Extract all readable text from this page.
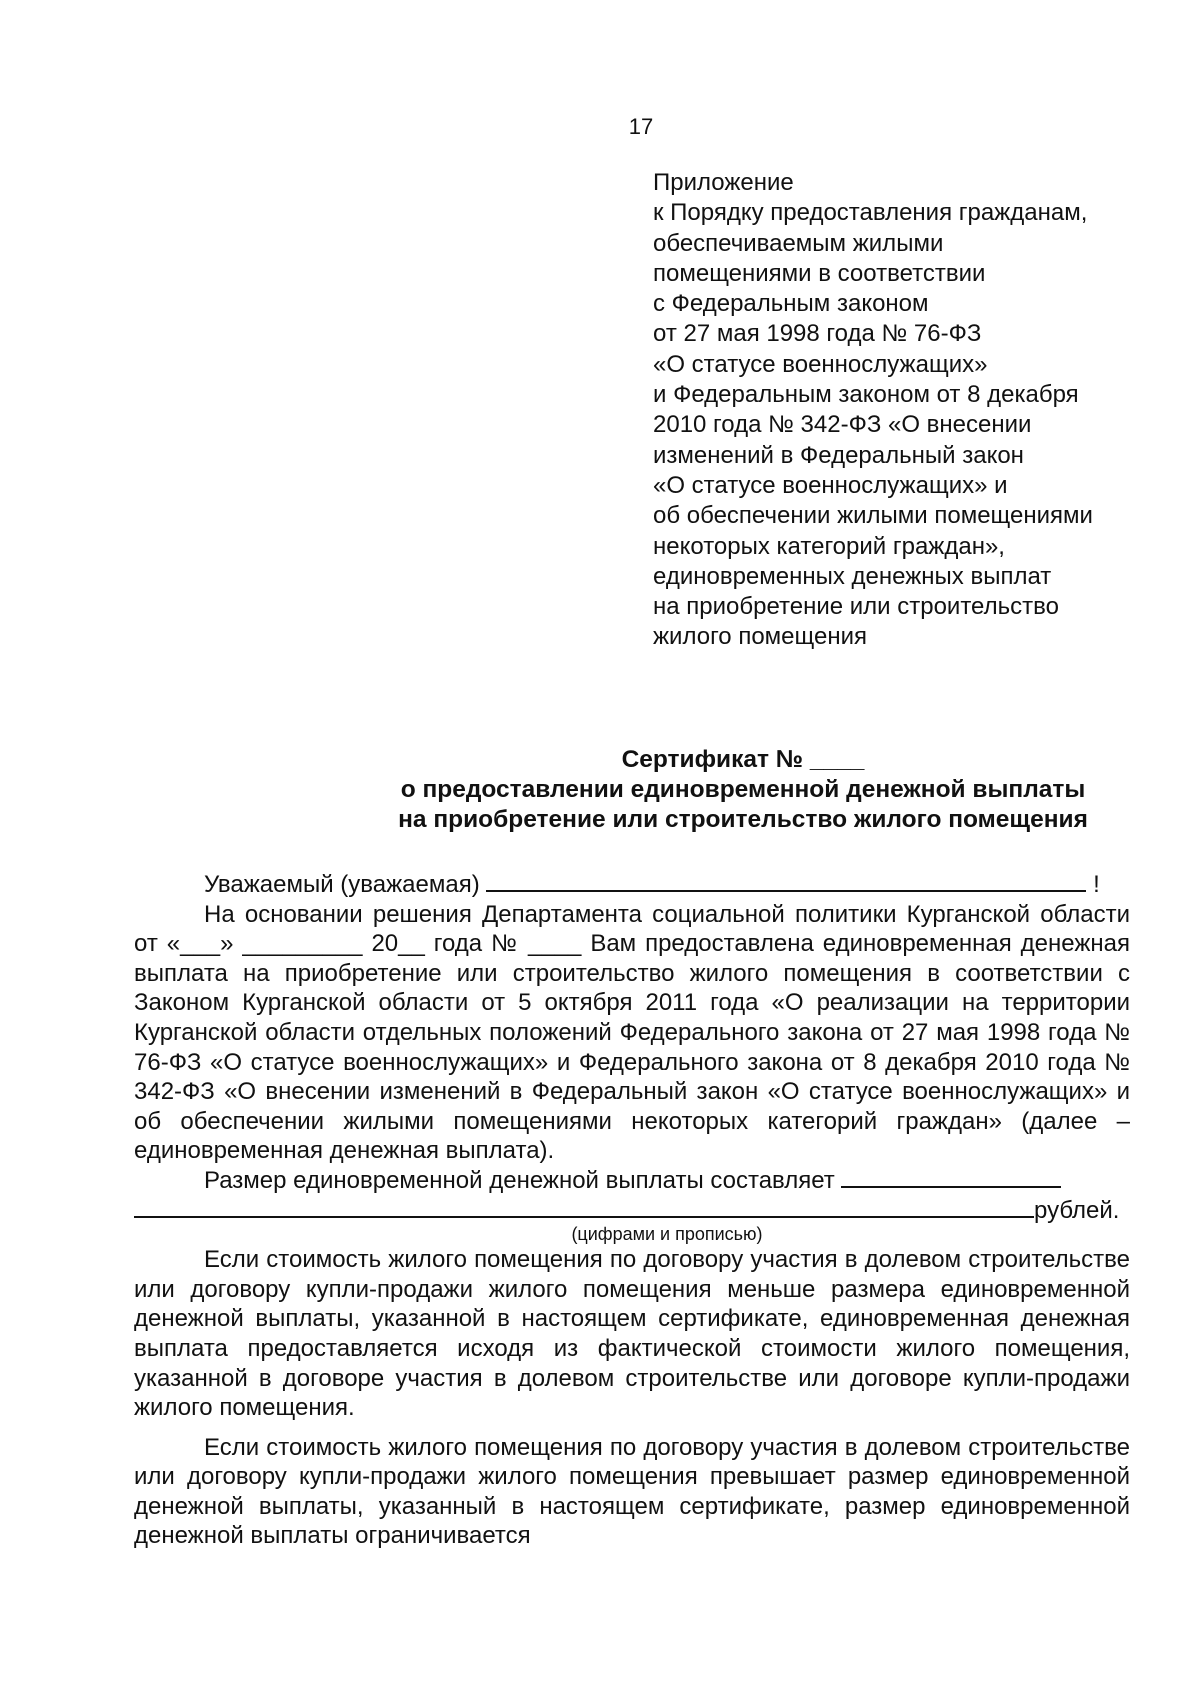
17
Приложение
к Порядку предоставления гражданам,
обеспечиваемым жилыми
помещениями в соответствии
с Федеральным законом
от 27 мая 1998 года № 76-ФЗ
«О статусе военнослужащих»
и Федеральным законом от 8 декабря
2010 года № 342-ФЗ «О внесении
изменений в Федеральный закон
«О статусе военнослужащих» и
об обеспечении жилыми помещениями
некоторых категорий граждан»,
единовременных денежных выплат
на приобретение или строительство
жилого помещения
Сертификат № ____
о предоставлении единовременной денежной выплаты
на приобретение или строительство жилого помещения
Уважаемый (уважаемая)	!

На основании решения Департамента социальной политики Курганской области от «___» _________ 20__ года № ____ Вам предоставлена единовременная денежная выплата на приобретение или строительство жилого помещения в соответствии с Законом Курганской области от 5 октября 2011 года «О реализации на территории Курганской области отдельных положений Федерального закона от 27 мая 1998 года № 76-ФЗ «О статусе военнослужащих» и Федерального закона от 8 декабря 2010 года № 342-ФЗ «О внесении изменений в Федеральный закон «О статусе военнослужащих» и об обеспечении жилыми помещениями некоторых категорий граждан» (далее – единовременная денежная выплата).

Размер единовременной денежной выплаты составляет
рублей.
(цифрами и прописью)

Если стоимость жилого помещения по договору участия в долевом строительстве или договору купли-продажи жилого помещения меньше размера единовременной денежной выплаты, указанной в настоящем сертификате, единовременная денежная выплата предоставляется исходя из фактической стоимости жилого помещения, указанной в договоре участия в долевом строительстве или договоре купли-продажи жилого помещения.

Если стоимость жилого помещения по договору участия в долевом строительстве или договору купли-продажи жилого помещения превышает размер единовременной денежной выплаты, указанный в настоящем сертификате, размер единовременной денежной выплаты ограничивается
